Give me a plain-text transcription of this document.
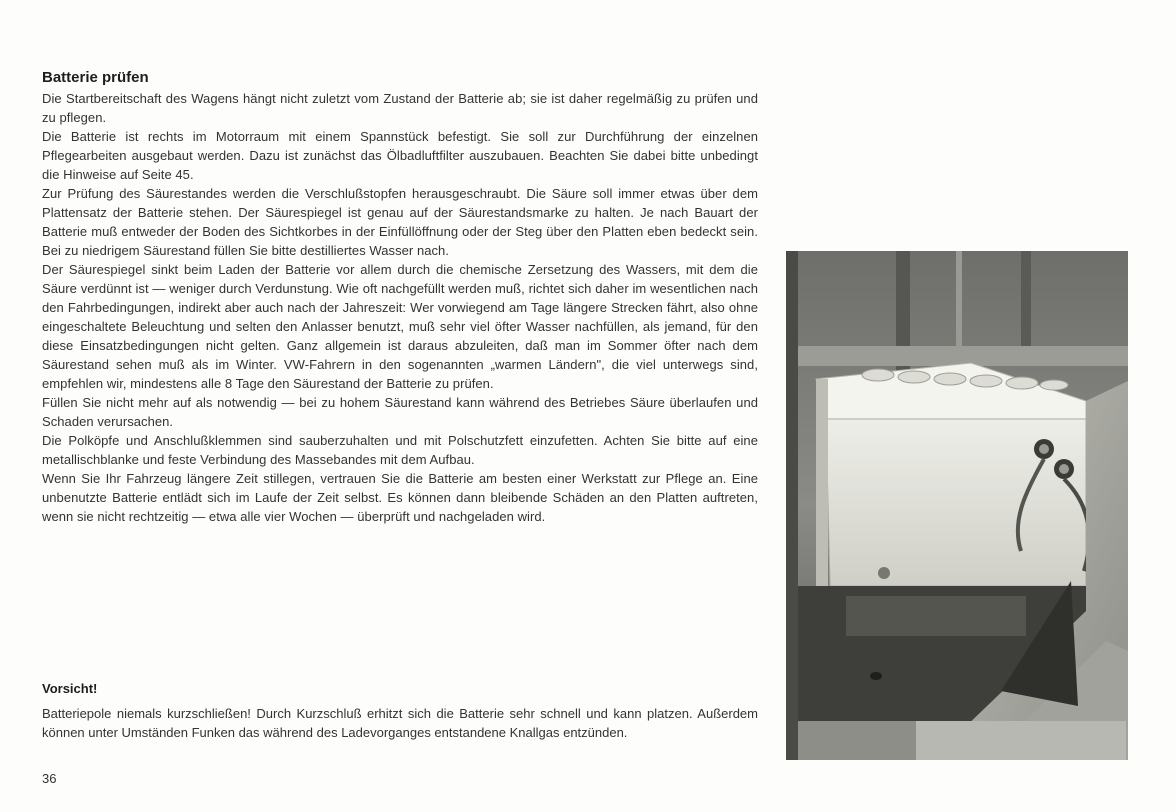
Batterie prüfen

Die Startbereitschaft des Wagens hängt nicht zuletzt vom Zustand der Batterie ab; sie ist daher regelmäßig zu prüfen und zu pflegen.

Die Batterie ist rechts im Motorraum mit einem Spannstück befestigt. Sie soll zur Durchführung der einzelnen Pflegearbeiten ausgebaut werden. Dazu ist zunächst das Ölbadluftfilter auszubauen. Beachten Sie dabei bitte unbedingt die Hinweise auf Seite 45.

Zur Prüfung des Säurestandes werden die Verschlußstopfen herausgeschraubt. Die Säure soll immer etwas über dem Plattensatz der Batterie stehen. Der Säurespiegel ist genau auf der Säurestandsmarke zu halten. Je nach Bauart der Batterie muß entweder der Boden des Sichtkorbes in der Einfüllöffnung oder der Steg über den Platten eben bedeckt sein. Bei zu niedrigem Säurestand füllen Sie bitte destilliertes Wasser nach.

Der Säurespiegel sinkt beim Laden der Batterie vor allem durch die chemische Zersetzung des Wassers, mit dem die Säure verdünnt ist — weniger durch Verdunstung. Wie oft nachgefüllt werden muß, richtet sich daher im wesentlichen nach den Fahrbedingungen, indirekt aber auch nach der Jahreszeit: Wer vorwiegend am Tage längere Strecken fährt, also ohne eingeschaltete Beleuchtung und selten den Anlasser benutzt, muß sehr viel öfter Wasser nachfüllen, als jemand, für den diese Einsatzbedingungen nicht gelten. Ganz allgemein ist daraus abzuleiten, daß man im Sommer öfter nach dem Säurestand sehen muß als im Winter. VW-Fahrern in den sogenannten „warmen Ländern", die viel unterwegs sind, empfehlen wir, mindestens alle 8 Tage den Säurestand der Batterie zu prüfen.

Füllen Sie nicht mehr auf als notwendig — bei zu hohem Säurestand kann während des Betriebes Säure überlaufen und Schaden verursachen.

Die Polköpfe und Anschlußklemmen sind sauberzuhalten und mit Polschutzfett einzufetten. Achten Sie bitte auf eine metallischblanke und feste Verbindung des Massebandes mit dem Aufbau.

Wenn Sie Ihr Fahrzeug längere Zeit stillegen, vertrauen Sie die Batterie am besten einer Werkstatt zur Pflege an. Eine unbenutzte Batterie entlädt sich im Laufe der Zeit selbst. Es können dann bleibende Schäden an den Platten auftreten, wenn sie nicht rechtzeitig — etwa alle vier Wochen — überprüft und nachgeladen wird.

Vorsicht!
Batteriepole niemals kurzschließen! Durch Kurzschluß erhitzt sich die Batterie sehr schnell und kann platzen. Außerdem können unter Umständen Funken das während des Ladevorganges entstandene Knallgas entzünden.
36
